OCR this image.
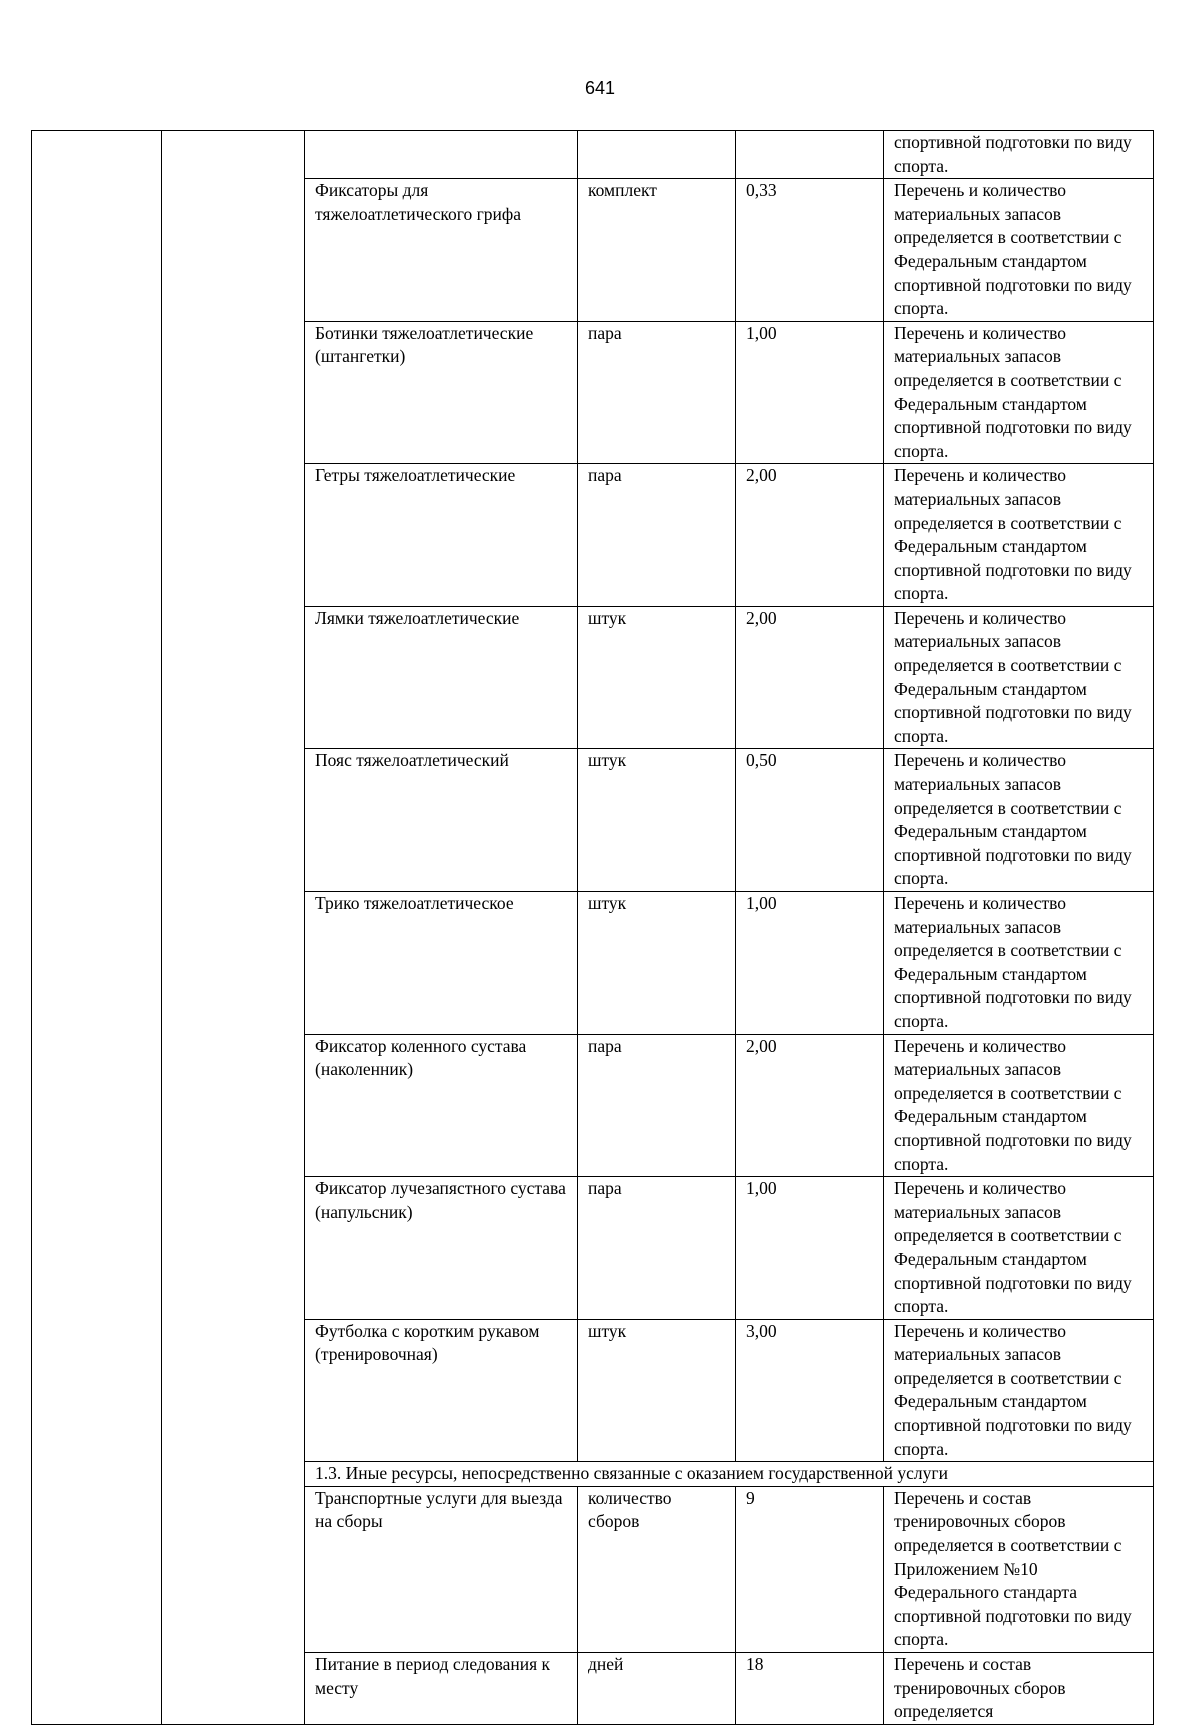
641
					спортивной подготовки по виду спорта.
		Фиксаторы для тяжелоатлетического грифа	комплект	0,33	Перечень и количество материальных запасов определяется в соответствии с Федеральным стандартом спортивной подготовки по виду спорта.
		Ботинки тяжелоатлетические (штангетки)	пара	1,00	Перечень и количество материальных запасов определяется в соответствии с Федеральным стандартом спортивной подготовки по виду спорта.
		Гетры тяжелоатлетические	пара	2,00	Перечень и количество материальных запасов определяется в соответствии с Федеральным стандартом спортивной подготовки по виду спорта.
		Лямки тяжелоатлетические	штук	2,00	Перечень и количество материальных запасов определяется в соответствии с Федеральным стандартом спортивной подготовки по виду спорта.
		Пояс тяжелоатлетический	штук	0,50	Перечень и количество материальных запасов определяется в соответствии с Федеральным стандартом спортивной подготовки по виду спорта.
		Трико тяжелоатлетическое	штук	1,00	Перечень и количество материальных запасов определяется в соответствии с Федеральным стандартом спортивной подготовки по виду спорта.
		Фиксатор коленного сустава (наколенник)	пара	2,00	Перечень и количество материальных запасов определяется в соответствии с Федеральным стандартом спортивной подготовки по виду спорта.
		Фиксатор лучезапястного сустава (напульсник)	пара	1,00	Перечень и количество материальных запасов определяется в соответствии с Федеральным стандартом спортивной подготовки по виду спорта.
		Футболка с коротким рукавом (тренировочная)	штук	3,00	Перечень и количество материальных запасов определяется в соответствии с Федеральным стандартом спортивной подготовки по виду спорта.
		1.3. Иные ресурсы, непосредственно связанные с оказанием государственной услуги			
		Транспортные услуги для выезда на сборы	количество сборов	9	Перечень и состав тренировочных сборов определяется в соответствии с Приложением №10 Федерального стандарта спортивной подготовки по виду спорта.
		Питание в период следования к месту	дней	18	Перечень и состав тренировочных сборов определяется
